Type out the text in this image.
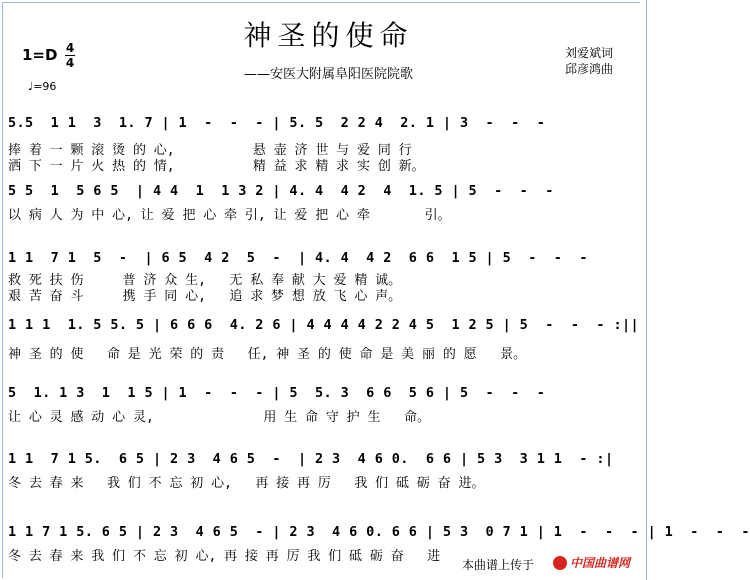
神圣的使命
——安医大附属阜阳医院院歌
刘爱斌词
邱彦鸿曲
1=D 4
4
♩=96
5.5  1 1  3  1. 7 | 1  -  -  - | 5. 5  2 2 4  2. 1 | 3  -  -  -
捧 着 一 颗 滚 烫 的 心,          悬 壶 济 世 与 爱 同 行
洒 下 一 片 火 热 的 情,          精 益 求 精 求 实 创 新。
5 5  1  5 6 5  | 4 4  1  1 3 2 | 4. 4  4 2  4  1. 5 | 5  -  -  -
以 病 人 为 中 心, 让 爱 把 心 牵 引, 让 爱 把 心 牵       引。
1 1  7 1  5  -  | 6 5  4 2  5  -  | 4. 4  4 2  6 6  1 5 | 5  -  -  -
救 死 扶 伤     普 济 众 生,   无 私 奉 献 大 爱 精 诚。
艰 苦 奋 斗     携 手 同 心,   追 求 梦 想 放 飞 心 声。
1 1 1  1. 5 5. 5 | 6 6 6  4. 2 6 | 4 4 4 4 2 2 4 5  1 2 5 | 5  -  -  - :||
神 圣 的 使   命 是 光 荣 的 责   任, 神 圣 的 使 命 是 美 丽 的 愿   景。
5  1. 1 3  1  1 5 | 1  -  -  - | 5  5. 3  6 6  5 6 | 5  -  -  -
让 心 灵 感 动 心 灵,              用 生 命 守 护 生   命。
1 1  7 1 5.  6 5 | 2 3  4 6 5  -  | 2 3  4 6 0.  6 6 | 5 3  3 1 1  - :|
冬 去 春 来   我 们 不 忘 初 心,   再 接 再 厉   我 们 砥 砺 奋 进。
1 1 7 1 5. 6 5 | 2 3  4 6 5  - | 2 3  4 6 0. 6 6 | 5 3  0 7 1 | 1  -  -  - | 1  -  -  -
冬 去 春 来 我 们 不 忘 初 心, 再 接 再 厉 我 们 砥 砺 奋   进
本曲谱上传于	中国曲谱网
